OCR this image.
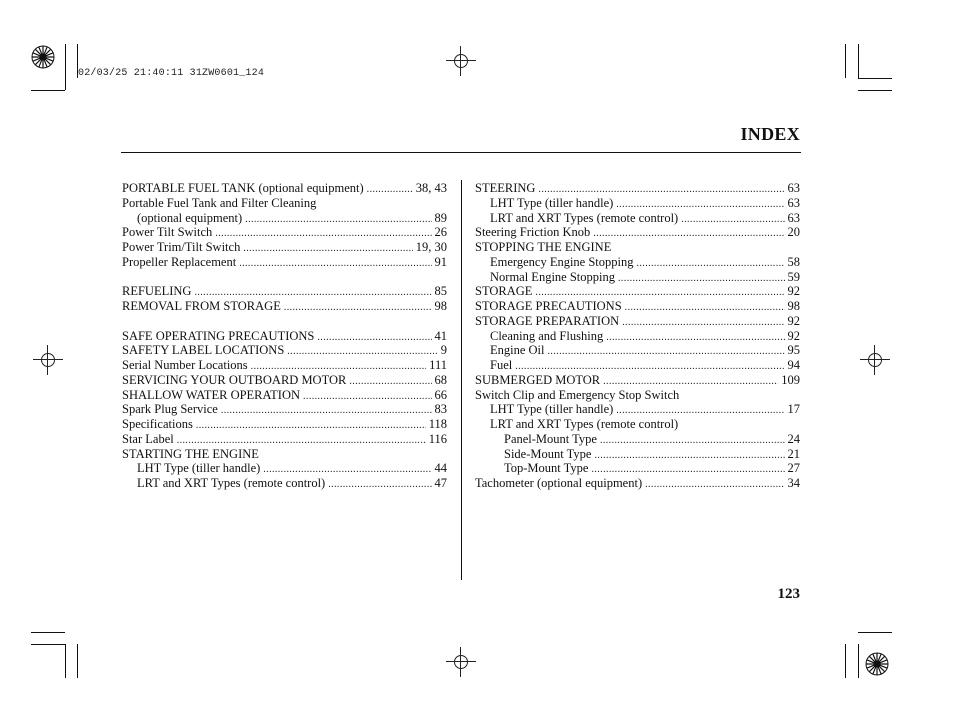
02/03/25 21:40:11 31ZW0601_124
INDEX
PORTABLE FUEL TANK (optional equipment) .....	38, 43
Portable Fuel Tank and Filter Cleaning
(optional equipment) .....	89
Power Tilt Switch .....	26
Power Trim/Tilt Switch .....	19, 30
Propeller Replacement .....	91
REFUELING .....	85
REMOVAL FROM STORAGE .....	98
SAFE OPERATING PRECAUTIONS .....	41
SAFETY LABEL LOCATIONS .....	9
Serial Number Locations .....	111
SERVICING YOUR OUTBOARD MOTOR .....	68
SHALLOW WATER OPERATION .....	66
Spark Plug Service .....	83
Specifications .....	118
Star Label .....	116
STARTING THE ENGINE
LHT Type (tiller handle) .....	44
LRT and XRT Types (remote control) .....	47
STEERING .....	63
LHT Type (tiller handle) .....	63
LRT and XRT Types (remote control) .....	63
Steering Friction Knob .....	20
STOPPING THE ENGINE
Emergency Engine Stopping .....	58
Normal Engine Stopping .....	59
STORAGE .....	92
STORAGE PRECAUTIONS .....	98
STORAGE PREPARATION .....	92
Cleaning and Flushing .....	92
Engine Oil .....	95
Fuel .....	94
SUBMERGED MOTOR .....	109
Switch Clip and Emergency Stop Switch
LHT Type (tiller handle) .....	17
LRT and XRT Types (remote control)
Panel-Mount Type .....	24
Side-Mount Type .....	21
Top-Mount Type .....	27
Tachometer (optional equipment) .....	34
123
